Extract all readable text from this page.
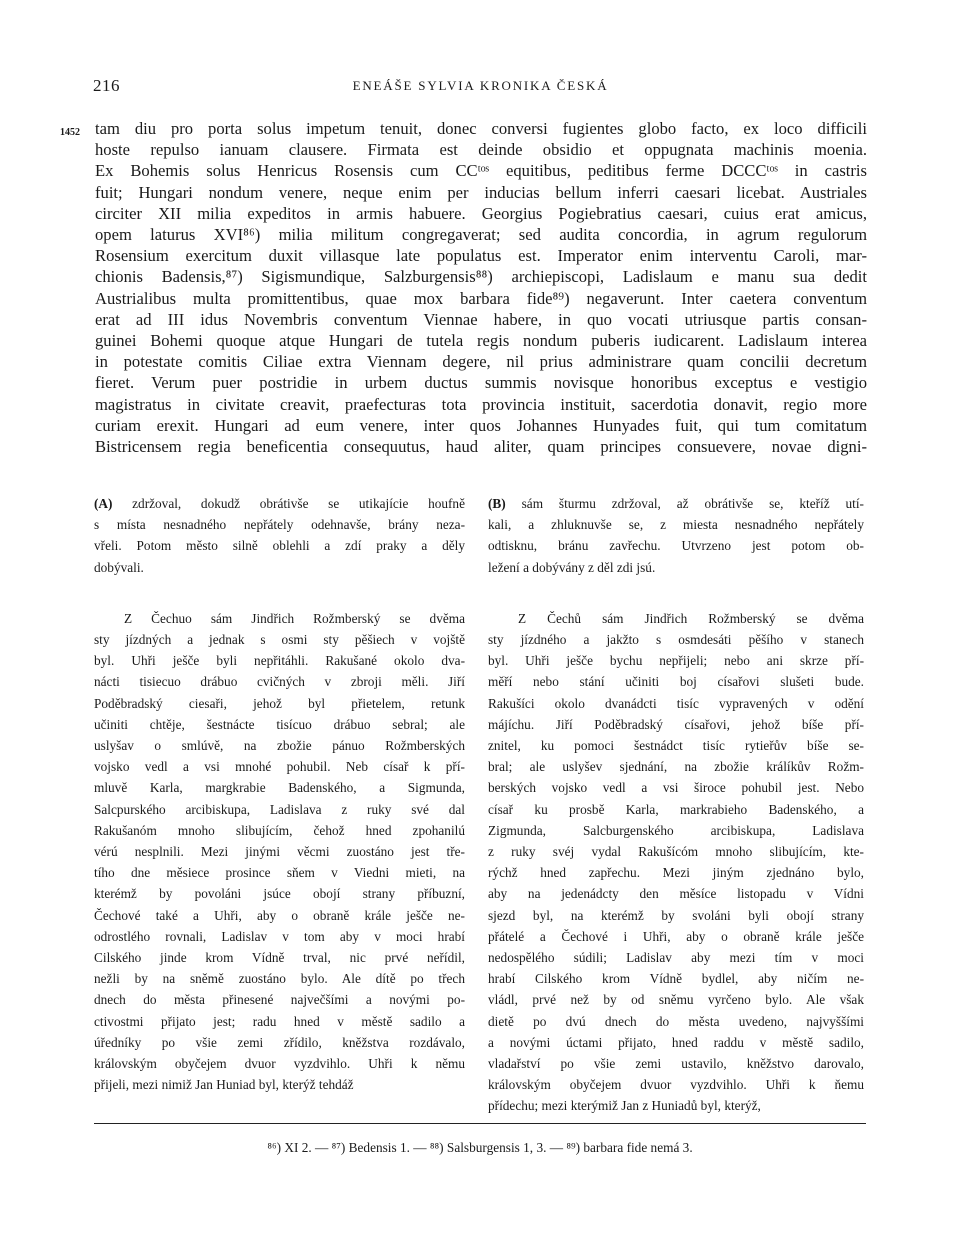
216	ENEÁŠE SYLVIA KRONIKA ČESKÁ
1452 tam diu pro porta solus impetum tenuit, donec conversi fugientes globo facto, ex loco difficili
hoste repulso ianuam clausere. Firmata est deinde obsidio et oppugnata machinis moenia.
Ex Bohemis solus Henricus Rosensis cum CCᵗᵒˢ equitibus, peditibus ferme DCCCᵗᵒˢ in castris
fuit; Hungari nondum venere, neque enim per inducias bellum inferri caesari licebat. Austriales
circiter XII milia expeditos in armis habuere. Georgius Pogiebratius caesari, cuius erat amicus,
opem laturus XVI⁸⁶) milia militum congregaverat; sed audita concordia, in agrum regulorum
Rosensium exercitum duxit villasque late populatus est. Imperator enim interventu Caroli, mar-
chionis Badensis,⁸⁷) Sigismundique, Salzburgensis⁸⁸) archiepiscopi, Ladislaum e manu sua dedit
Austrialibus multa promittentibus, quae mox barbara fide⁸⁹) negaverunt. Inter caetera conventum
erat ad III idus Novembris conventum Viennae habere, in quo vocati utriusque partis consan-
guinei Bohemi quoque atque Hungari de tutela regis nondum puberis iudicarent. Ladislaum interea
in potestate comitis Ciliae extra Viennam degere, nil prius administrare quam concilii decretum
fieret. Verum puer postridie in urbem ductus summis novisque honoribus exceptus e vestigio
magistratus in civitate creavit, praefecturas tota provincia instituit, sacerdotia donavit, regio more
curiam erexit. Hungari ad eum venere, inter quos Johannes Hunyades fuit, qui tum comitatum
Bistricensem regia beneficentia consequutus, haud aliter, quam principes consuevere, novae digni-
(A) zdržoval, dokudž obrátivše se utikajície houfně
s místa nesnadného nepřátely odehnavše, brány neza-
vřeli. Potom město silně oblehli a zdí praky a děly
dobývali.
Z Čechuo sám Jindřich Rožmberský se dvěma
sty jízdných a jednak s osmi sty pěšiech v vojště
byl. Uhři ješče byli nepřitáhli. Rakušané okolo dva-
nácti tisiecuo drábuo cvičných v zbroji měli. Jiří
Poděbradský ciesaři, jehož byl přietelem, retunk
učiniti chtěje, šestnácte tisícuo drábuo sebral; ale
uslyšav o smlúvě, na zbožie pánuo Rožmberských
vojsko vedl a vsi mnohé pohubil. Neb císař k pří-
mluvě Karla, margkrabie Badenského, a Sigmunda,
Salcpurského arcibiskupa, Ladislava z ruky své dal
Rakušanóm mnoho slibujícím, čehož hned zpohanilú
vérú nesplnili. Mezi jinými věcmi zuostáno jest tře-
tího dne měsiece prosince sňem v Viedni mieti, na
kterémž by povoláni jsúce obojí strany příbuzní,
Čechové také a Uhři, aby o obraně krále ješče ne-
odrostlého rovnali, Ladislav v tom aby v moci hrabí
Cilského jinde krom Vídně trval, nic prvé neřídil,
nežli by na sněmě zuostáno bylo. Ale dítě po třech
dnech do města přinesené največšími a novými po-
ctivostmi přijato jest; radu hned v městě sadilo a
úředníky po všie zemi zřídilo, kněžstva rozdávalo,
královským obyčejem dvuor vyzdvihlo. Uhři k němu
přijeli, mezi nimiž Jan Huniad byl, kterýž tehdáž
(B) sám šturmu zdržoval, až obrátivše se, kteříž utí-
kali, a zhluknuvše se, z miesta nesnadného nepřátely
odtisknu, bránu zavřechu. Utvrzeno jest potom ob-
ležení a dobývány z děl zdi jsú.
Z Čechů sám Jindřich Rožmberský se dvěma
sty jízdného a jakžto s osmdesáti pěšího v stanech
byl. Uhři ješče bychu nepřijeli; nebo ani skrze pří-
měří nebo stání učiniti boj císařovi slušeti bude.
Rakušíci okolo dvanádcti tisíc vypravených v odění
májíchu. Jiří Poděbradský císařovi, jehož bíše pří-
znitel, ku pomoci šestnádct tisíc rytieřův bíše se-
bral; ale uslyšev sjednání, na zbožie králíkův Rožm-
berských vojsko vedl a vsi široce pohubil jest. Nebo
císař ku prosbě Karla, markrabieho Badenského, a
Zigmunda, Salcburgenského arcibiskupa, Ladislava
z ruky svéj vydal Rakušícóm mnoho slibujícím, kte-
rýchž hned zapřechu. Mezi jiným zjednáno bylo,
aby na jedenádcty den měsíce listopadu v Vídni
sjezd byl, na kterémž by svoláni byli obojí strany
přátelé a Čechové i Uhři, aby o obraně krále ješče
nedospělého súdili; Ladislav aby mezi tím v moci
hrabí Cilského krom Vídně bydlel, aby ničím ne-
vládl, prvé než by od sněmu vyrčeno bylo. Ale však
dietě po dvú dnech do města uvedeno, najvyššími
a novými úctami přijato, hned raddu v městě sadilo,
vladařství po všie zemi ustavilo, kněžstvo darovalo,
královským obyčejem dvuor vyzdvihlo. Uhři k ňemu
přídechu; mezi kterýmiž Jan z Huniadů byl, kterýž,
⁸⁶) XI 2. — ⁸⁷) Bedensis 1. — ⁸⁸) Salsburgensis 1, 3. — ⁸⁹) barbara fide nemá 3.
